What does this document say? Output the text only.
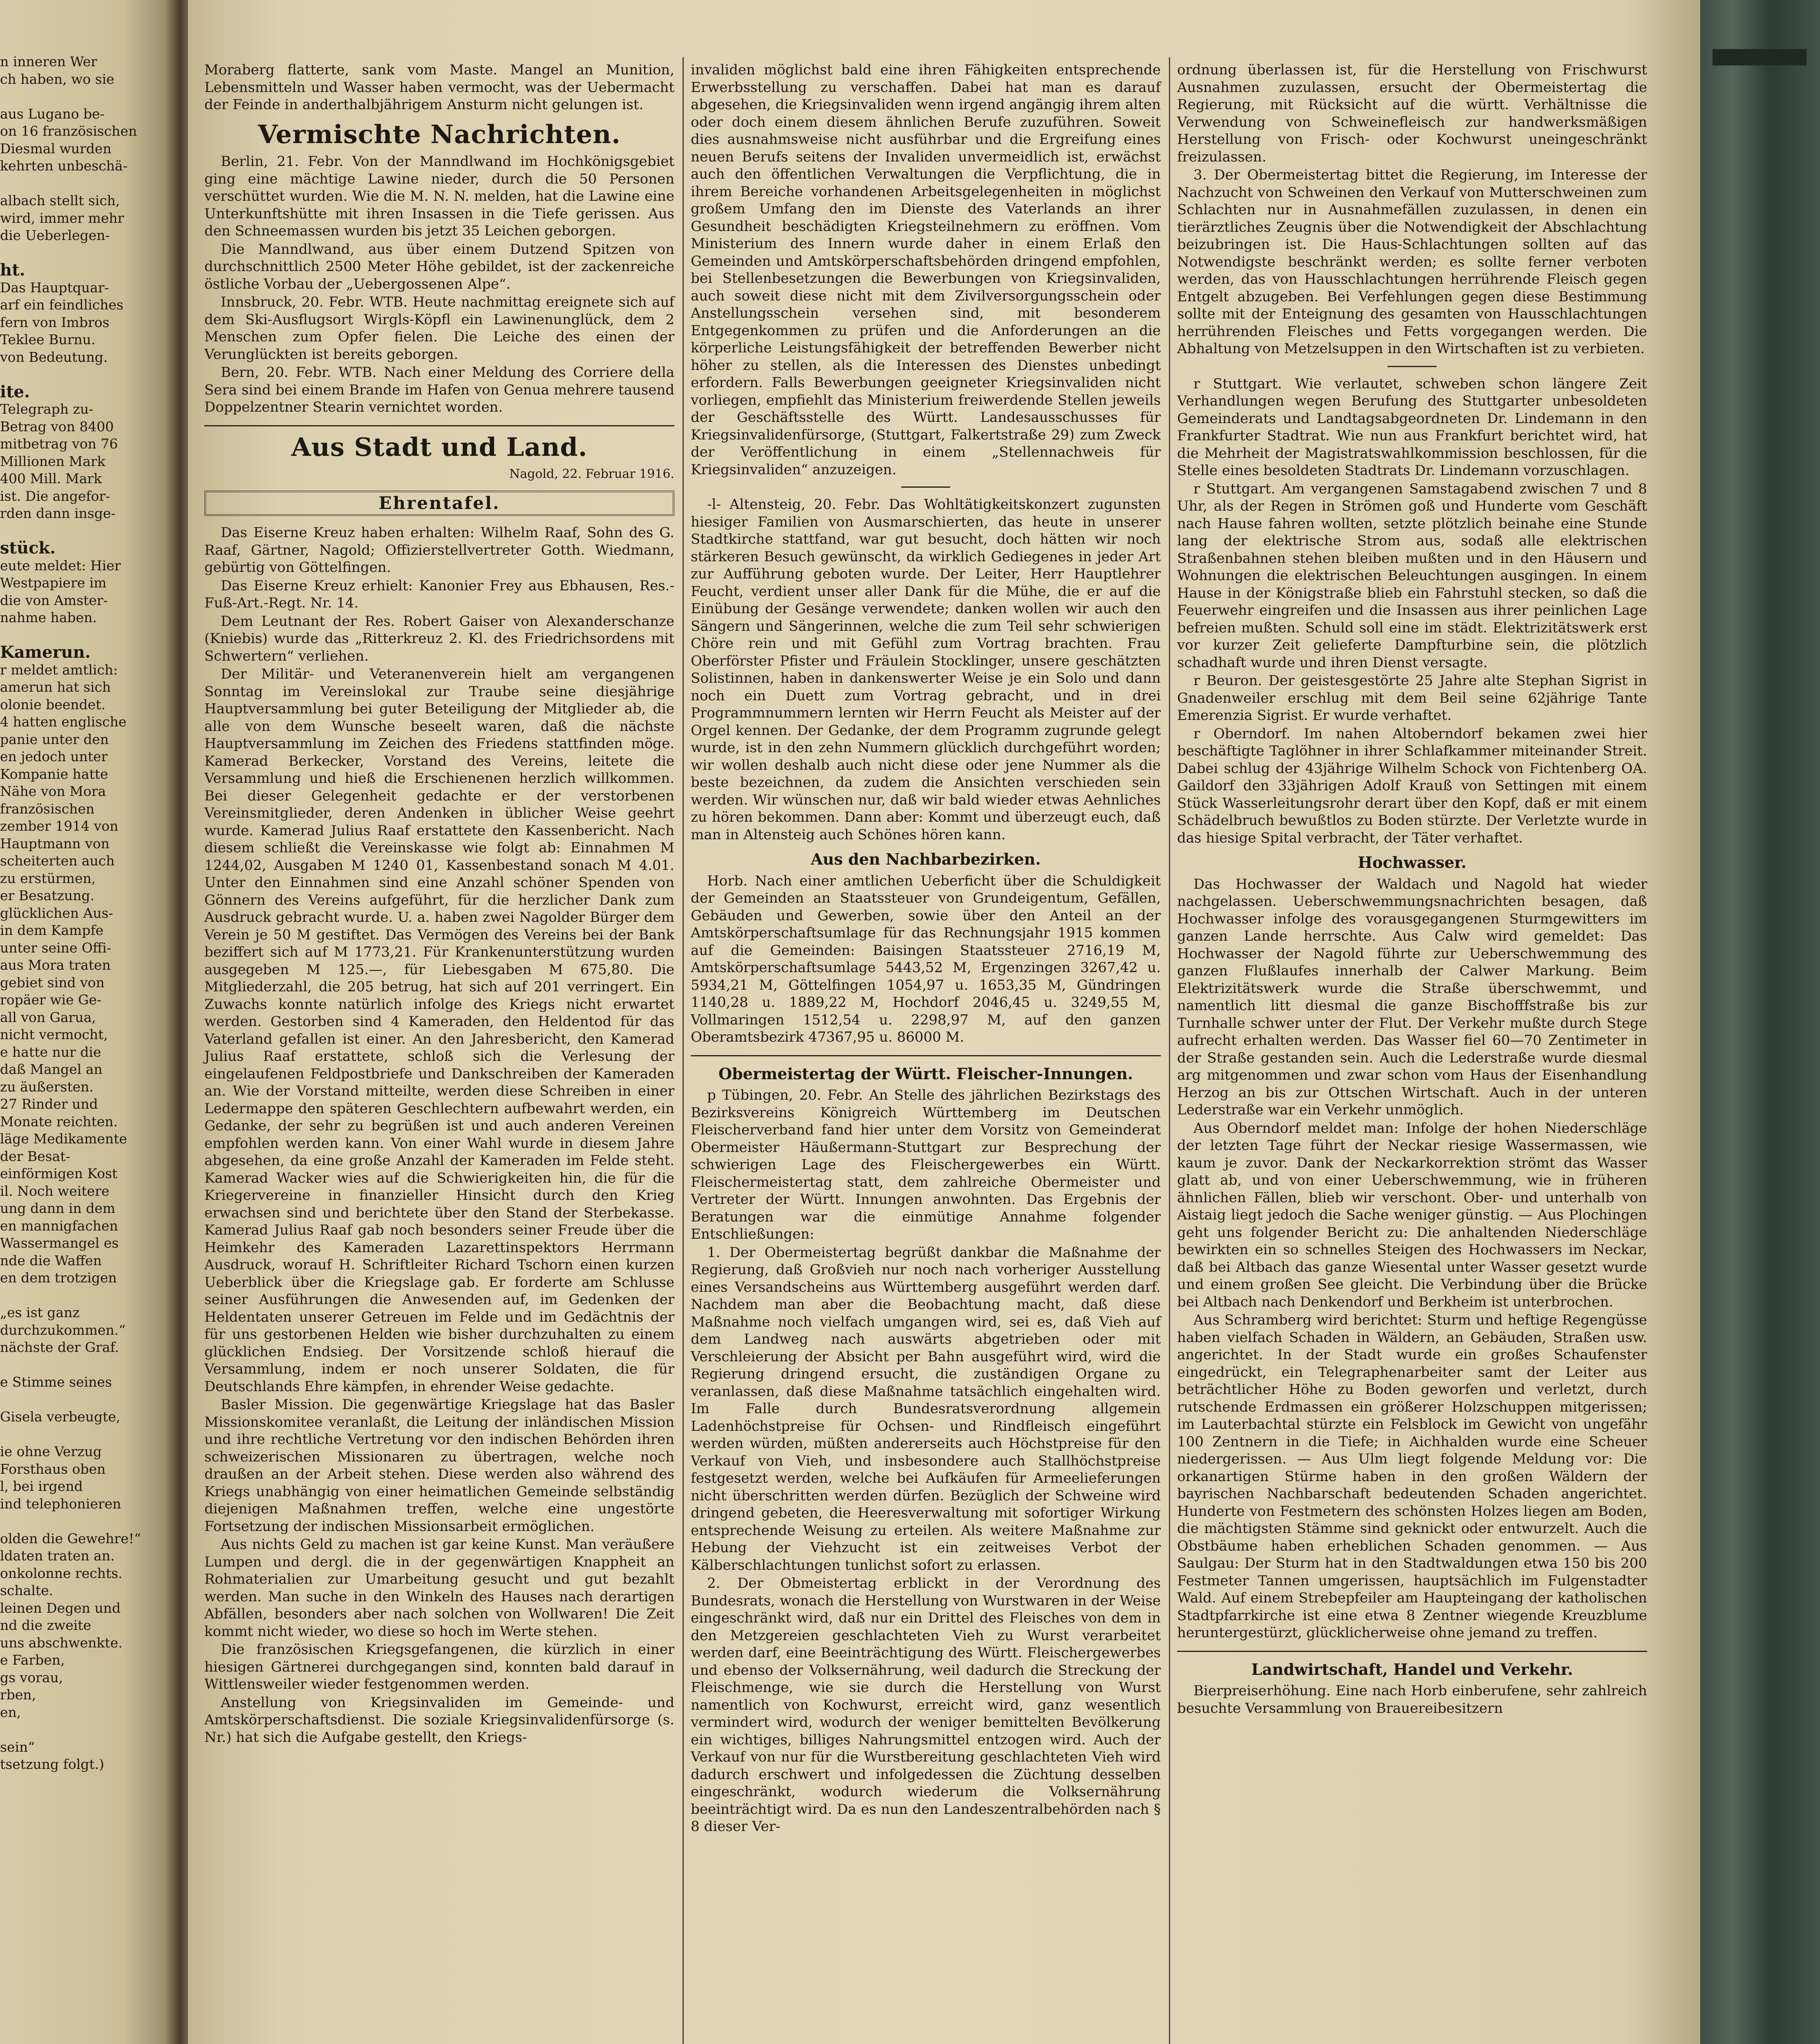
n inneren Wer
ch haben, wo sie
aus Lugano be-
on 16 französischen
Diesmal wurden
kehrten unbeschä-
albach stellt sich,
wird, immer mehr
die Ueberlegen-
ht.
Das Hauptquar-
arf ein feindliches
fern von Imbros
Teklee Burnu.
von Bedeutung.
ite.
Telegraph zu-
Betrag von 8400
mitbetrag von 76
Millionen Mark
400 Mill. Mark
ist. Die angefor-
rden dann insge-
stück.
eute meldet: Hier
Westpapiere im
die von Amster-
nahme haben.
Kamerun.
r meldet amtlich:
amerun hat sich
olonie beendet.
4 hatten englische
panie unter den
en jedoch unter
Kompanie hatte
Nähe von Mora
französischen
zember 1914 von
Hauptmann von
scheiterten auch
zu erstürmen,
er Besatzung.
glücklichen Aus-
in dem Kampfe
unter seine Offi-
aus Mora traten
gebiet sind von
ropäer wie Ge-
all von Garua,
nicht vermocht,
e hatte nur die
daß Mangel an
zu äußersten.
27 Rinder und
Monate reichten.
läge Medikamente
der Besat-
einförmigen Kost
il. Noch weitere
ung dann in dem
en mannigfachen
Wassermangel es
nde die Waffen
en dem trotzigen
„es ist ganz
durchzukommen.“
nächste der Graf.
e Stimme seines
Gisela verbeugte,
ie ohne Verzug
Forsthaus oben
l, bei irgend
ind telephonieren
olden die Gewehre!“
ldaten traten an.
onkolonne rechts.
schalte.
leinen Degen und
nd die zweite
uns abschwenkte.
e Farben,
gs vorau,
rben,
en,
sein“
tsetzung folgt.)

Moraberg flatterte, sank vom Maste. Mangel an Munition, Lebensmitteln und Wasser haben vermocht, was der Uebermacht der Feinde in anderthalbjährigem Ansturm nicht gelungen ist.

Vermischte Nachrichten.

Berlin, 21. Febr. Von der Manndlwand im Hochkönigsgebiet ging eine mächtige Lawine nieder, durch die 50 Personen verschüttet wurden. Wie die M. N. N. melden, hat die Lawine eine Unterkunftshütte mit ihren Insassen in die Tiefe gerissen. Aus den Schneemassen wurden bis jetzt 35 Leichen geborgen.

Die Manndlwand, aus über einem Dutzend Spitzen von durchschnittlich 2500 Meter Höhe gebildet, ist der zackenreiche östliche Vorbau der „Uebergossenen Alpe“.

Innsbruck, 20. Febr. WTB. Heute nachmittag ereignete sich auf dem Ski-Ausflugsort Wirgls-Köpfl ein Lawinenunglück, dem 2 Menschen zum Opfer fielen. Die Leiche des einen der Verunglückten ist bereits geborgen.

Bern, 20. Febr. WTB. Nach einer Meldung des Corriere della Sera sind bei einem Brande im Hafen von Genua mehrere tausend Doppelzentner Stearin vernichtet worden.

Aus Stadt und Land.
Nagold, 22. Februar 1916.
Ehrentafel.

Das Eiserne Kreuz haben erhalten: Wilhelm Raaf, Sohn des G. Raaf, Gärtner, Nagold; Offizierstellvertreter Gotth. Wiedmann, gebürtig von Göttelfingen.

Das Eiserne Kreuz erhielt: Kanonier Frey aus Ebhausen, Res.-Fuß-Art.-Regt. Nr. 14.

Dem Leutnant der Res. Robert Gaiser von Alexanderschanze (Kniebis) wurde das „Ritterkreuz 2. Kl. des Friedrichsordens mit Schwertern“ verliehen.

Der Militär- und Veteranenverein hielt am vergangenen Sonntag im Vereinslokal zur Traube seine diesjährige Hauptversammlung bei guter Beteiligung der Mitglieder ab, die alle von dem Wunsche beseelt waren, daß die nächste Hauptversammlung im Zeichen des Friedens stattfinden möge. Kamerad Berkecker, Vorstand des Vereins, leitete die Versammlung und hieß die Erschienenen herzlich willkommen. Bei dieser Gelegenheit gedachte er der verstorbenen Vereinsmitglieder, deren Andenken in üblicher Weise geehrt wurde. Kamerad Julius Raaf erstattete den Kassenbericht. Nach diesem schließt die Vereinskasse wie folgt ab: Einnahmen M 1244,02, Ausgaben M 1240 01, Kassenbestand sonach M 4.01. Unter den Einnahmen sind eine Anzahl schöner Spenden von Gönnern des Vereins aufgeführt, für die herzlicher Dank zum Ausdruck gebracht wurde. U. a. haben zwei Nagolder Bürger dem Verein je 50 M gestiftet. Das Vermögen des Vereins bei der Bank beziffert sich auf M 1773,21. Für Krankenunterstützung wurden ausgegeben M 125.—, für Liebesgaben M 675,80. Die Mitgliederzahl, die 205 betrug, hat sich auf 201 verringert. Ein Zuwachs konnte natürlich infolge des Kriegs nicht erwartet werden. Gestorben sind 4 Kameraden, den Heldentod für das Vaterland gefallen ist einer. An den Jahresbericht, den Kamerad Julius Raaf erstattete, schloß sich die Verlesung der eingelaufenen Feldpostbriefe und Dankschreiben der Kameraden an. Wie der Vorstand mitteilte, werden diese Schreiben in einer Ledermappe den späteren Geschlechtern aufbewahrt werden, ein Gedanke, der sehr zu begrüßen ist und auch anderen Vereinen empfohlen werden kann. Von einer Wahl wurde in diesem Jahre abgesehen, da eine große Anzahl der Kameraden im Felde steht. Kamerad Wacker wies auf die Schwierigkeiten hin, die für die Kriegervereine in finanzieller Hinsicht durch den Krieg erwachsen sind und berichtete über den Stand der Sterbekasse. Kamerad Julius Raaf gab noch besonders seiner Freude über die Heimkehr des Kameraden Lazarettinspektors Herrmann Ausdruck, worauf H. Schriftleiter Richard Tschorn einen kurzen Ueberblick über die Kriegslage gab. Er forderte am Schlusse seiner Ausführungen die Anwesenden auf, im Gedenken der Heldentaten unserer Getreuen im Felde und im Gedächtnis der für uns gestorbenen Helden wie bisher durchzuhalten zu einem glücklichen Endsieg. Der Vorsitzende schloß hierauf die Versammlung, indem er noch unserer Soldaten, die für Deutschlands Ehre kämpfen, in ehrender Weise gedachte.

Basler Mission. Die gegenwärtige Kriegslage hat das Basler Missionskomitee veranlaßt, die Leitung der inländischen Mission und ihre rechtliche Vertretung vor den indischen Behörden ihren schweizerischen Missionaren zu übertragen, welche noch draußen an der Arbeit stehen. Diese werden also während des Kriegs unabhängig von einer heimatlichen Gemeinde selbständig diejenigen Maßnahmen treffen, welche eine ungestörte Fortsetzung der indischen Missionsarbeit ermöglichen.

Aus nichts Geld zu machen ist gar keine Kunst. Man veräußere Lumpen und dergl. die in der gegenwärtigen Knappheit an Rohmaterialien zur Umarbeitung gesucht und gut bezahlt werden. Man suche in den Winkeln des Hauses nach derartigen Abfällen, besonders aber nach solchen von Wollwaren! Die Zeit kommt nicht wieder, wo diese so hoch im Werte stehen.

Die französischen Kriegsgefangenen, die kürzlich in einer hiesigen Gärtnerei durchgegangen sind, konnten bald darauf in Wittlensweiler wieder festgenommen werden.

Anstellung von Kriegsinvaliden im Gemeinde- und Amtskörperschaftsdienst. Die soziale Kriegsinvalidenfürsorge (s. Nr.) hat sich die Aufgabe gestellt, den Kriegs-

invaliden möglichst bald eine ihren Fähigkeiten entsprechende Erwerbsstellung zu verschaffen. Dabei hat man es darauf abgesehen, die Kriegsinvaliden wenn irgend angängig ihrem alten oder doch einem diesem ähnlichen Berufe zuzuführen. Soweit dies ausnahmsweise nicht ausführbar und die Ergreifung eines neuen Berufs seitens der Invaliden unvermeidlich ist, erwächst auch den öffentlichen Verwaltungen die Verpflichtung, die in ihrem Bereiche vorhandenen Arbeitsgelegenheiten in möglichst großem Umfang den im Dienste des Vaterlands an ihrer Gesundheit beschädigten Kriegsteilnehmern zu eröffnen. Vom Ministerium des Innern wurde daher in einem Erlaß den Gemeinden und Amtskörperschaftsbehörden dringend empfohlen, bei Stellenbesetzungen die Bewerbungen von Kriegsinvaliden, auch soweit diese nicht mit dem Zivilversorgungsschein oder Anstellungsschein versehen sind, mit besonderem Entgegenkommen zu prüfen und die Anforderungen an die körperliche Leistungsfähigkeit der betreffenden Bewerber nicht höher zu stellen, als die Interessen des Dienstes unbedingt erfordern. Falls Bewerbungen geeigneter Kriegsinvaliden nicht vorliegen, empfiehlt das Ministerium freiwerdende Stellen jeweils der Geschäftsstelle des Württ. Landesausschusses für Kriegsinvalidenfürsorge, (Stuttgart, Falkertstraße 29) zum Zweck der Veröffentlichung in einem „Stellennachweis für Kriegsinvaliden“ anzuzeigen.

-l- Altensteig, 20. Febr. Das Wohltätigkeitskonzert zugunsten hiesiger Familien von Ausmarschierten, das heute in unserer Stadtkirche stattfand, war gut besucht, doch hätten wir noch stärkeren Besuch gewünscht, da wirklich Gediegenes in jeder Art zur Aufführung geboten wurde. Der Leiter, Herr Hauptlehrer Feucht, verdient unser aller Dank für die Mühe, die er auf die Einübung der Gesänge verwendete; danken wollen wir auch den Sängern und Sängerinnen, welche die zum Teil sehr schwierigen Chöre rein und mit Gefühl zum Vortrag brachten. Frau Oberförster Pfister und Fräulein Stocklinger, unsere geschätzten Solistinnen, haben in dankenswerter Weise je ein Solo und dann noch ein Duett zum Vortrag gebracht, und in drei Programmnummern lernten wir Herrn Feucht als Meister auf der Orgel kennen. Der Gedanke, der dem Programm zugrunde gelegt wurde, ist in den zehn Nummern glücklich durchgeführt worden; wir wollen deshalb auch nicht diese oder jene Nummer als die beste bezeichnen, da zudem die Ansichten verschieden sein werden. Wir wünschen nur, daß wir bald wieder etwas Aehnliches zu hören bekommen. Dann aber: Kommt und überzeugt euch, daß man in Altensteig auch Schönes hören kann.

Aus den Nachbarbezirken.

Horb. Nach einer amtlichen Ueberficht über die Schuldigkeit der Gemeinden an Staatssteuer von Grundeigentum, Gefällen, Gebäuden und Gewerben, sowie über den Anteil an der Amtskörperschaftsumlage für das Rechnungsjahr 1915 kommen auf die Gemeinden: Baisingen Staatssteuer 2716,19 M, Amtskörperschaftsumlage 5443,52 M, Ergenzingen 3267,42 u. 5934,21 M, Göttelfingen 1054,97 u. 1653,35 M, Gündringen 1140,28 u. 1889,22 M, Hochdorf 2046,45 u. 3249,55 M, Vollmaringen 1512,54 u. 2298,97 M, auf den ganzen Oberamtsbezirk 47367,95 u. 86000 M.

Obermeistertag der Württ. Fleischer-Innungen.

p Tübingen, 20. Febr. An Stelle des jährlichen Bezirkstags des Bezirksvereins Königreich Württemberg im Deutschen Fleischerverband fand hier unter dem Vorsitz von Gemeinderat Obermeister Häußermann-Stuttgart zur Besprechung der schwierigen Lage des Fleischergewerbes ein Württ. Fleischermeistertag statt, dem zahlreiche Obermeister und Vertreter der Württ. Innungen anwohnten. Das Ergebnis der Beratungen war die einmütige Annahme folgender Entschließungen:

1. Der Obermeistertag begrüßt dankbar die Maßnahme der Regierung, daß Großvieh nur noch nach vorheriger Ausstellung eines Versandscheins aus Württemberg ausgeführt werden darf. Nachdem man aber die Beobachtung macht, daß diese Maßnahme noch vielfach umgangen wird, sei es, daß Vieh auf dem Landweg nach auswärts abgetrieben oder mit Verschleierung der Absicht per Bahn ausgeführt wird, wird die Regierung dringend ersucht, die zuständigen Organe zu veranlassen, daß diese Maßnahme tatsächlich eingehalten wird. Im Falle durch Bundesratsverordnung allgemein Ladenhöchstpreise für Ochsen- und Rindfleisch eingeführt werden würden, müßten andererseits auch Höchstpreise für den Verkauf von Vieh, und insbesondere auch Stallhöchstpreise festgesetzt werden, welche bei Aufkäufen für Armeelieferungen nicht überschritten werden dürfen. Bezüglich der Schweine wird dringend gebeten, die Heeresverwaltung mit sofortiger Wirkung entsprechende Weisung zu erteilen. Als weitere Maßnahme zur Hebung der Viehzucht ist ein zeitweises Verbot der Kälberschlachtungen tunlichst sofort zu erlassen.

2. Der Obmeistertag erblickt in der Verordnung des Bundesrats, wonach die Herstellung von Wurstwaren in der Weise eingeschränkt wird, daß nur ein Drittel des Fleisches von dem in den Metzgereien geschlachteten Vieh zu Wurst verarbeitet werden darf, eine Beeinträchtigung des Württ. Fleischergewerbes und ebenso der Volksernährung, weil dadurch die Streckung der Fleischmenge, wie sie durch die Herstellung von Wurst namentlich von Kochwurst, erreicht wird, ganz wesentlich vermindert wird, wodurch der weniger bemittelten Bevölkerung ein wichtiges, billiges Nahrungsmittel entzogen wird. Auch der Verkauf von nur für die Wurstbereitung geschlachteten Vieh wird dadurch erschwert und infolgedessen die Züchtung desselben eingeschränkt, wodurch wiederum die Volksernährung beeinträchtigt wird. Da es nun den Landeszentralbehörden nach § 8 dieser Ver-

ordnung überlassen ist, für die Herstellung von Frischwurst Ausnahmen zuzulassen, ersucht der Obermeistertag die Regierung, mit Rücksicht auf die württ. Verhältnisse die Verwendung von Schweinefleisch zur handwerksmäßigen Herstellung von Frisch- oder Kochwurst uneingeschränkt freizulassen.

3. Der Obermeistertag bittet die Regierung, im Interesse der Nachzucht von Schweinen den Verkauf von Mutterschweinen zum Schlachten nur in Ausnahmefällen zuzulassen, in denen ein tierärztliches Zeugnis über die Notwendigkeit der Abschlachtung beizubringen ist. Die Haus-Schlachtungen sollten auf das Notwendigste beschränkt werden; es sollte ferner verboten werden, das von Hausschlachtungen herrührende Fleisch gegen Entgelt abzugeben. Bei Verfehlungen gegen diese Bestimmung sollte mit der Enteignung des gesamten von Hausschlachtungen herrührenden Fleisches und Fetts vorgegangen werden. Die Abhaltung von Metzelsuppen in den Wirtschaften ist zu verbieten.

r Stuttgart. Wie verlautet, schweben schon längere Zeit Verhandlungen wegen Berufung des Stuttgarter unbesoldeten Gemeinderats und Landtagsabgeordneten Dr. Lindemann in den Frankfurter Stadtrat. Wie nun aus Frankfurt berichtet wird, hat die Mehrheit der Magistratswahlkommission beschlossen, für die Stelle eines besoldeten Stadtrats Dr. Lindemann vorzuschlagen.

r Stuttgart. Am vergangenen Samstagabend zwischen 7 und 8 Uhr, als der Regen in Strömen goß und Hunderte vom Geschäft nach Hause fahren wollten, setzte plötzlich beinahe eine Stunde lang der elektrische Strom aus, sodaß alle elektrischen Straßenbahnen stehen bleiben mußten und in den Häusern und Wohnungen die elektrischen Beleuchtungen ausgingen. In einem Hause in der Königstraße blieb ein Fahrstuhl stecken, so daß die Feuerwehr eingreifen und die Insassen aus ihrer peinlichen Lage befreien mußten. Schuld soll eine im städt. Elektrizitätswerk erst vor kurzer Zeit gelieferte Dampfturbine sein, die plötzlich schadhaft wurde und ihren Dienst versagte.

r Beuron. Der geistesgestörte 25 Jahre alte Stephan Sigrist in Gnadenweiler erschlug mit dem Beil seine 62jährige Tante Emerenzia Sigrist. Er wurde verhaftet.

r Oberndorf. Im nahen Altoberndorf bekamen zwei hier beschäftigte Taglöhner in ihrer Schlafkammer miteinander Streit. Dabei schlug der 43jährige Wilhelm Schock von Fichtenberg OA. Gaildorf den 33jährigen Adolf Krauß von Settingen mit einem Stück Wasserleitungsrohr derart über den Kopf, daß er mit einem Schädelbruch bewußtlos zu Boden stürzte. Der Verletzte wurde in das hiesige Spital verbracht, der Täter verhaftet.

Hochwasser.

Das Hochwasser der Waldach und Nagold hat wieder nachgelassen. Ueberschwemmungsnachrichten besagen, daß Hochwasser infolge des vorausgegangenen Sturmgewitters im ganzen Lande herrschte. Aus Calw wird gemeldet: Das Hochwasser der Nagold führte zur Ueberschwemmung des ganzen Flußlaufes innerhalb der Calwer Markung. Beim Elektrizitätswerk wurde die Straße überschwemmt, und namentlich litt diesmal die ganze Bischofffstraße bis zur Turnhalle schwer unter der Flut. Der Verkehr mußte durch Stege aufrecht erhalten werden. Das Wasser fiel 60—70 Zentimeter in der Straße gestanden sein. Auch die Lederstraße wurde diesmal arg mitgenommen und zwar schon vom Haus der Eisenhandlung Herzog an bis zur Ottschen Wirtschaft. Auch in der unteren Lederstraße war ein Verkehr unmöglich.

Aus Oberndorf meldet man: Infolge der hohen Niederschläge der letzten Tage führt der Neckar riesige Wassermassen, wie kaum je zuvor. Dank der Neckarkorrektion strömt das Wasser glatt ab, und von einer Ueberschwemmung, wie in früheren ähnlichen Fällen, blieb wir verschont. Ober- und unterhalb von Aistaig liegt jedoch die Sache weniger günstig. — Aus Plochingen geht uns folgender Bericht zu: Die anhaltenden Niederschläge bewirkten ein so schnelles Steigen des Hochwassers im Neckar, daß bei Altbach das ganze Wiesental unter Wasser gesetzt wurde und einem großen See gleicht. Die Verbindung über die Brücke bei Altbach nach Denkendorf und Berkheim ist unterbrochen.

Aus Schramberg wird berichtet: Sturm und heftige Regengüsse haben vielfach Schaden in Wäldern, an Gebäuden, Straßen usw. angerichtet. In der Stadt wurde ein großes Schaufenster eingedrückt, ein Telegraphenarbeiter samt der Leiter aus beträchtlicher Höhe zu Boden geworfen und verletzt, durch rutschende Erdmassen ein größerer Holzschuppen mitgerissen; im Lauterbachtal stürzte ein Felsblock im Gewicht von ungefähr 100 Zentnern in die Tiefe; in Aichhalden wurde eine Scheuer niedergerissen. — Aus Ulm liegt folgende Meldung vor: Die orkanartigen Stürme haben in den großen Wäldern der bayrischen Nachbarschaft bedeutenden Schaden angerichtet. Hunderte von Festmetern des schönsten Holzes liegen am Boden, die mächtigsten Stämme sind geknickt oder entwurzelt. Auch die Obstbäume haben erheblichen Schaden genommen. — Aus Saulgau: Der Sturm hat in den Stadtwaldungen etwa 150 bis 200 Festmeter Tannen umgerissen, hauptsächlich im Fulgenstadter Wald. Auf einem Strebepfeiler am Haupteingang der katholischen Stadtpfarrkirche ist eine etwa 8 Zentner wiegende Kreuzblume heruntergestürzt, glücklicherweise ohne jemand zu treffen.

Landwirtschaft, Handel und Verkehr.

Bierpreiserhöhung. Eine nach Horb einberufene, sehr zahlreich besuchte Versammlung von Brauereibesitzern
